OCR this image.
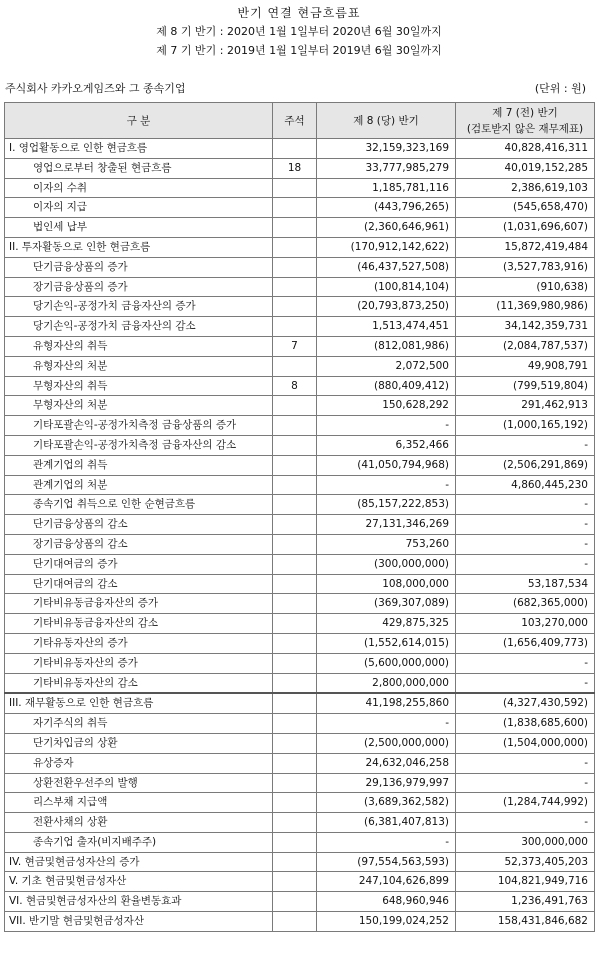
반기 연결 현금흐름표
제 8 기 반기 : 2020년 1월 1일부터 2020년 6월 30일까지
제 7 기 반기 : 2019년 1월 1일부터 2019년 6월 30일까지
주식회사 카카오게임즈와 그 종속기업	(단위 : 원)
구 분	주석	제 8 (당) 반기	제 7 (전) 반기
(검토받지 않은 재무제표)

I. 영업활동으로 인한 현금흐름		32,159,323,169	40,828,416,311
영업으로부터 창출된 현금흐름	18	33,777,985,279	40,019,152,285
이자의 수취		1,185,781,116	2,386,619,103
이자의 지급		(443,796,265)	(545,658,470)
법인세 납부		(2,360,646,961)	(1,031,696,607)
II. 투자활동으로 인한 현금흐름		(170,912,142,622)	15,872,419,484
단기금융상품의 증가		(46,437,527,508)	(3,527,783,916)
장기금융상품의 증가		(100,814,104)	(910,638)
당기손익-공정가치 금융자산의 증가		(20,793,873,250)	(11,369,980,986)
당기손익-공정가치 금융자산의 감소		1,513,474,451	34,142,359,731
유형자산의 취득	7	(812,081,986)	(2,084,787,537)
유형자산의 처분		2,072,500	49,908,791
무형자산의 취득	8	(880,409,412)	(799,519,804)
무형자산의 처분		150,628,292	291,462,913
기타포괄손익-공정가치측정 금융상품의 증가		-	(1,000,165,192)
기타포괄손익-공정가치측정 금융자산의 감소		6,352,466	-
관계기업의 취득		(41,050,794,968)	(2,506,291,869)
관계기업의 처분		-	4,860,445,230
종속기업 취득으로 인한 순현금흐름		(85,157,222,853)	-
단기금융상품의 감소		27,131,346,269	-
장기금융상품의 감소		753,260	-
단기대여금의 증가		(300,000,000)	-
단기대여금의 감소		108,000,000	53,187,534
기타비유동금융자산의 증가		(369,307,089)	(682,365,000)
기타비유동금융자산의 감소		429,875,325	103,270,000
기타유동자산의 증가		(1,552,614,015)	(1,656,409,773)
기타비유동자산의 증가		(5,600,000,000)	-
기타비유동자산의 감소		2,800,000,000	-
III. 재무활동으로 인한 현금흐름		41,198,255,860	(4,327,430,592)
자기주식의 취득		-	(1,838,685,600)
단기차입금의 상환		(2,500,000,000)	(1,504,000,000)
유상증자		24,632,046,258	-
상환전환우선주의 발행		29,136,979,997	-
리스부채 지급액		(3,689,362,582)	(1,284,744,992)
전환사채의 상환		(6,381,407,813)	-
종속기업 출자(비지배주주)		-	300,000,000
IV. 현금및현금성자산의 증가		(97,554,563,593)	52,373,405,203
V. 기초 현금및현금성자산		247,104,626,899	104,821,949,716
VI. 현금및현금성자산의 환율변동효과		648,960,946	1,236,491,763
VII. 반기말 현금및현금성자산		150,199,024,252	158,431,846,682
